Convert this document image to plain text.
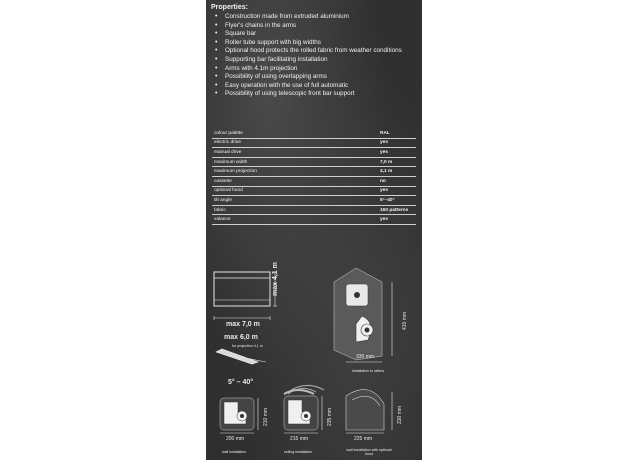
Properties:
• Construction made from extruded aluminium
• Flyer's chains in the arms
• Square bar
• Roller tube support with big widths
• Optional hood protects the rolled fabric from weather conditions
• Supporting bar facilitating installation
• Arms with 4.1m projection
• Possibility of using overlapping arms
• Easy operation with the use of full automatic
• Possibility of using telescopic front bar support
colour palette	RAL
electric drive	yes
manual drive	yes
maximum width	7,0 m
maximum projection	4,1 m
cassette	no
optional hood	yes
tilt angle	5°–40°
fabric	160 patterns
valance	yes
max 4,1 m
max 7,0 m
max 6,0 m
for projection 4,1 m
5° – 40°
415 mm
330 mm
installation to rafters
210 mm
200 mm
wall installation
235 mm
215 mm
ceiling installation
230 mm
225 mm
wall installation with optional hood
